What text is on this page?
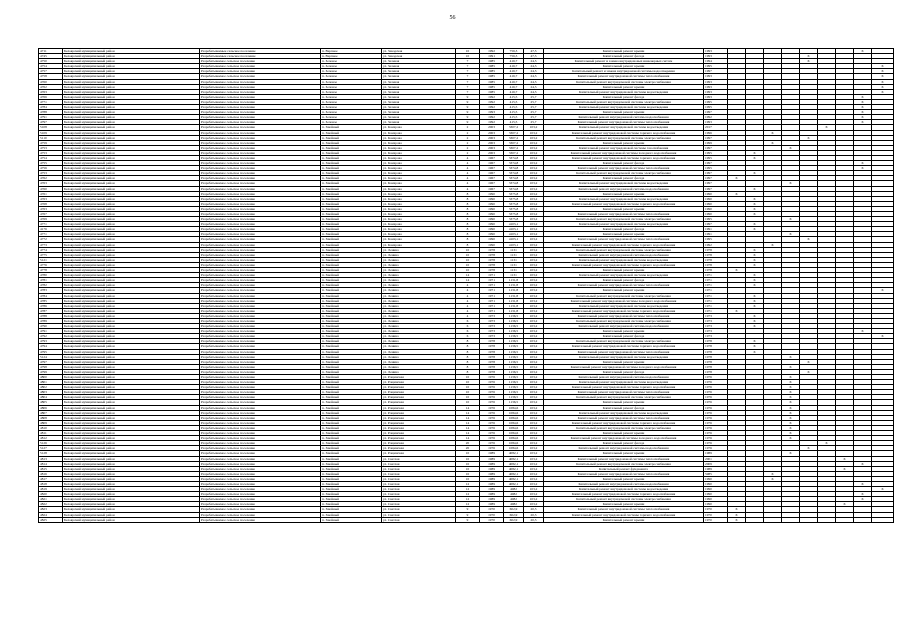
56
4711	Белоярский муниципальный район	Разрабатываемые сельское поселение	п. Верхнее	ул. Заводская	10	1992	756,3	47,3	Капитальный ремонт крыши	1993								X	
4745	Белоярский муниципальный район	Разрабатываемые сельское поселение	п. Верхнее	ул. Заводская	10	1991	756,3	47,3	Капитальный ремонт фасада	1993					X				
4750	Белоярский муниципальный район	Разрабатываемое сельское поселение	п. Зеленое	ул. Зеленая	7	1985	416,7	24,3	Капитальный ремонт и замена внутридомовых инженерных систем	1994					X				
4754	Белоярский муниципальный район	Разрабатываемое сельское поселение	п. Зеленое	ул. Зеленая	7	1985	416,7	24,3	Капитальный ремонт крыши	1995									X
4757	Белоярский муниципальный район	Разрабатываемое сельское поселение	п. Зеленое	ул. Зеленая	7	1985	416,7	24,3	Капитальный ремонт и замена внутридомовой системы водоотведения	1997									X
4758	Белоярский муниципальный район	Разрабатываемое сельское поселение	п. Зеленое	ул. Зеленая	7	1985	416,7	24,3	Капитальный ремонт внутридомовой системы теплоснабжения	1993									X
4760	Белоярский муниципальный район	Разрабатываемое сельское поселение	п. Зеленое	ул. Зеленая	7	1985	416,7	24,3	Капитальный ремонт внутридомовой системы электроснабжения	1993									X
4762	Белоярский муниципальный район	Разрабатываемое сельское поселение	п. Зеленое	ул. Зеленая	7	1985	416,7	24,3	Капитальный ремонт крыши	1993									X
4763	Белоярский муниципальный район	Разрабатываемое сельское поселение	п. Зеленое	ул. Зеленая	7	1985	416,7	24,3	Капитальный ремонт внутридомовой системы водоотведения	1993									X
4766	Белоярский муниципальный район	Разрабатываемое сельское поселение	п. Зеленое	ул. Зеленая	9	1992	415,5	25,7	Капитальный ремонт фасада	1993								X	
4771	Белоярский муниципальный район	Разрабатываемое сельское поселение	п. Зеленое	ул. Зеленая	9	1992	415,5	25,7	Капитальный ремонт внутридомовой системы электроснабжения	1995								X	
4784	Белоярский муниципальный район	Разрабатываемое сельское поселение	п. Зеленое	ул. Зеленая	9	1992	415,5	25,7	Капитальный ремонт внутридомовой системы водоотведения	1995								X	
4788	Белоярский муниципальный район	Разрабатываемое сельское поселение	п. Зеленое	ул. Зеленая	9	1993	415,5	25,7	Капитальный ремонт крыши	1997								X	
4791	Белоярский муниципальный район	Разрабатываемое сельское поселение	п. Зеленое	ул. Зеленая	9	1992	415,5	25,7	Капитальный ремонт внутридомовой системы водоснабжения	1992								X	
4797	Белоярский муниципальный район	Разрабатываемое сельское поселение	п. Зеленое	ул. Зеленая	9	1992	415,5	25,7	Капитальный ремонт внутридомовой системы теплоснабжения	1993								X	
5108	Белоярский муниципальный район	Разрабатываемое сельское поселение	п. Хвойный	ул. Комарова	2	2003	3307,2	103,2	Капитальный ремонт внутридомовой системы водоотведения	2017						X			
5109	Белоярский муниципальный район	Разрабатываемое сельское поселение	п. Хвойный	ул. Комарова	2	2003	3307,2	103,2	Капитальный ремонт внутридомовой системы горячего водоснабжения	1996			X						
5110	Белоярский муниципальный район	Разрабатываемое сельское поселение	п. Хвойный	ул. Комарова	2	2003	3307,2	103,2	Капитальный ремонт внутридомовой системы электроснабжения	1997					X				
4759	Белоярский муниципальный район	Разрабатываемое сельское поселение	п. Хвойный	ул. Комарова	2	2003	3307,2	103,2	Капитальный ремонт крыши	1999			X						
4753	Белоярский муниципальный район	Разрабатываемое сельское поселение	п. Хвойный	ул. Комарова	2	2003	3307,2	103,2	Капитальный ремонт внутридомовой системы газоснабжения	1997				X					
4753	Белоярский муниципальный район	Разрабатываемое сельское поселение	п. Хвойный	ул. Комарова	2	2003	3307,2	103,2	Капитальный ремонт внутридомовой системы холодного водоснабжения	1995		X							
4754	Белоярский муниципальный район	Разрабатываемое сельское поселение	п. Хвойный	ул. Комарова	4	1967	3374,8	103,2	Капитальный ремонт внутридомовой системы горячего водоснабжения	1995		X							
4755	Белоярский муниципальный район	Разрабатываемое сельское поселение	п. Хвойный	ул. Комарова	4	1967	3374,8	103,2	Капитальный ремонт фасада	1997								X	
4756	Белоярский муниципальный район	Разрабатываемое сельское поселение	п. Хвойный	ул. Комарова	4	1967	3374,8	103,2	Капитальный ремонт внутридомовой системы теплоснабжения	1995								X	
4753	Белоярский муниципальный район	Разрабатываемое сельское поселение	п. Хвойный	ул. Комарова	4	1967	3374,8	103,2	Капитальный ремонт внутридомовой системы электроснабжения	1997		X							
4762	Белоярский муниципальный район	Разрабатываемое сельское поселение	п. Хвойный	ул. Комарова	4	1967	3374,8	103,2	Капитальный ремонт фасада	1997	X								
4763	Белоярский муниципальный район	Разрабатываемое сельское поселение	п. Хвойный	ул. Комарова	4	1967	3374,8	103,2	Капитальный ремонт внутридомовой системы водоотведения	1997				X					
4760	Белоярский муниципальный район	Разрабатываемое сельское поселение	п. Хвойный	ул. Комарова	4	1967	3374,8	103,2	Капитальный ремонт внутридомовой системы водоснабжения	1997		X							
4761	Белоярский муниципальный район	Разрабатываемое сельское поселение	п. Хвойный	ул. Комарова	8	1990	3375,8	103,2	Капитальный ремонт крыши	1990	X								
4763	Белоярский муниципальный район	Разрабатываемое сельское поселение	п. Хвойный	ул. Комарова	8	1990	3375,8	103,2	Капитальный ремонт внутридомовой системы водоотведения	1990		X							
4768	Белоярский муниципальный район	Разрабатываемое сельское поселение	п. Хвойный	ул. Комарова	8	1990	3375,8	103,2	Капитальный ремонт внутридомовой системы горячего водоснабжения	1990		X							
4763	Белоярский муниципальный район	Разрабатываемое сельское поселение	п. Хвойный	ул. Комарова	8	1990	3375,8	103,2	Капитальный ремонт крыши	1990		X							
4767	Белоярский муниципальный район	Разрабатываемое сельское поселение	п. Хвойный	ул. Комарова	8	1990	3375,8	103,2	Капитальный ремонт внутридомовой системы теплоснабжения	1990		X							
4769	Белоярский муниципальный район	Разрабатываемое сельское поселение	п. Хвойный	ул. Комарова	8	1990	3375,8	103,2	Капитальный ремонт внутридомовой системы электроснабжения	1995				X					
4771	Белоярский муниципальный район	Разрабатываемое сельское поселение	п. Хвойный	ул. Комарова	8	1990	4103,1	103,2	Капитальный ремонт внутридомовой системы водоотведения	1997		X							
4176	Белоярский муниципальный район	Разрабатываемое сельское поселение	п. Хвойный	ул. Комарова	8	1990	4103,1	103,2	Капитальный ремонт фасада	1991		X							
4771	Белоярский муниципальный район	Разрабатываемое сельское поселение	п. Хвойный	ул. Комарова	8	1990	4103,1	103,2	Капитальный ремонт крыши	1991				X					
4772	Белоярский муниципальный район	Разрабатываемое сельское поселение	п. Хвойный	ул. Комарова	8	1990	4103,1	103,2	Капитальный ремонт внутридомовой системы теплоснабжения	1995					X				
4773	Белоярский муниципальный район	Разрабатываемое сельское поселение	п. Хвойный	ул. Комарова	8	1990	4103,1	103,2	Капитальный ремонт внутридомовой системы горячего водоснабжения	1992			X						
4774	Белоярский муниципальный район	Разрабатываемое сельское поселение	п. Хвойный	ул. Ленина	10	1978	1131	103,2	Капитальный ремонт внутридомовой системы электроснабжения	1978		X							
4775	Белоярский муниципальный район	Разрабатываемое сельское поселение	п. Хвойный	ул. Ленина	10	1978	1131	103,2	Капитальный ремонт внутридомовой системы водоснабжения	1978		X							
5121	Белоярский муниципальный район	Разрабатываемое сельское поселение	п. Хвойный	ул. Ленина	10	1978	1131	103,2	Капитальный ремонт внутридомовой системы водоотведения	1978		X							
4776	Белоярский муниципальный район	Разрабатываемое сельское поселение	п. Хвойный	ул. Ленина	10	1978	1131	103,2	Капитальный ремонт внутридомовой системы горячего водоснабжения	1978		X							
4778	Белоярский муниципальный район	Разрабатываемое сельское поселение	п. Хвойный	ул. Ленина	10	1978	1131	103,2	Капитальный ремонт крыши	1978	X								
4780	Белоярский муниципальный район	Разрабатываемое сельское поселение	п. Хвойный	ул. Ленина	14	1971	1131	103,2	Капитальный ремонт внутридомовой системы водоотведения	1971		X							
4781	Белоярский муниципальный район	Разрабатываемое сельское поселение	п. Хвойный	ул. Ленина	14	1971	1131,8	103,2	Капитальный ремонт фасада	1971		X							
4782	Белоярский муниципальный район	Разрабатываемое сельское поселение	п. Хвойный	ул. Ленина	4	1971	1131,8	103,2	Капитальный ремонт внутридомовой системы теплоснабжения	1971		X							
4783	Белоярский муниципальный район	Разрабатываемое сельское поселение	п. Хвойный	ул. Ленина	4	1971	1131,8	103,2	Капитальный ремонт крыши	1971									X
4784	Белоярский муниципальный район	Разрабатываемое сельское поселение	п. Хвойный	ул. Ленина	4	1971	1131,8	103,2	Капитальный ремонт внутридомовой системы электроснабжения	1971		X							
4785	Белоярский муниципальный район	Разрабатываемое сельское поселение	п. Хвойный	ул. Ленина	4	1971	1131,8	103,2	Капитальный ремонт внутридомовой системы холодного водоснабжения	1971		X							
4786	Белоярский муниципальный район	Разрабатываемое сельское поселение	п. Хвойный	ул. Ленина	4	1971	1131,8	103,2	Капитальный ремонт внутридомовой системы водоотведения	1971		X							
4787	Белоярский муниципальный район	Разрабатываемое сельское поселение	п. Хвойный	ул. Ленина	4	1971	1131,8	103,2	Капитальный ремонт внутридомовой системы горячего водоснабжения	1971	X								
4788	Белоярский муниципальный район	Разрабатываемое сельское поселение	п. Хвойный	ул. Ленина	4	1973	1136,5	103,2	Капитальный ремонт внутридомовой системы теплоснабжения	1973		X							
4789	Белоярский муниципальный район	Разрабатываемое сельское поселение	п. Хвойный	ул. Ленина	6	1973	1136,5	103,2	Капитальный ремонт внутридомовой системы электроснабжения	1973		X							
4790	Белоярский муниципальный район	Разрабатываемое сельское поселение	п. Хвойный	ул. Ленина	6	1973	1136,5	103,2	Капитальный ремонт внутридомовой системы водоснабжения	1973		X							
4791	Белоярский муниципальный район	Разрабатываемое сельское поселение	п. Хвойный	ул. Ленина	6	1973	1136,5	103,2	Капитальный ремонт крыши	1973								X	
4792	Белоярский муниципальный район	Разрабатываемое сельское поселение	п. Хвойный	ул. Ленина	6	1973	1136,5	103,2	Капитальный ремонт фасада	1973									X
4793	Белоярский муниципальный район	Разрабатываемое сельское поселение	п. Хвойный	ул. Ленина	8	1978	1136,5	103,2	Капитальный ремонт внутридомовой системы электроснабжения	1978		X							
4794	Белоярский муниципальный район	Разрабатываемое сельское поселение	п. Хвойный	ул. Ленина	8	1978	1136,5	103,2	Капитальный ремонт внутридомовой системы горячего водоснабжения	1978		X							
4795	Белоярский муниципальный район	Разрабатываемое сельское поселение	п. Хвойный	ул. Ленина	8	1978	1136,5	103,2	Капитальный ремонт внутридомовой системы теплоснабжения	1978		X							
5124	Белоярский муниципальный район	Разрабатываемое сельское поселение	п. Хвойный	ул. Ленина	8	1978	1136,5	103,2	Капитальный ремонт внутридомовой системы водоотведения	1978				X					
4797	Белоярский муниципальный район	Разрабатываемое сельское поселение	п. Хвойный	ул. Ленина	8	1978	1136,5	103,2	Капитальный ремонт крыши	1978					X				
4798	Белоярский муниципальный район	Разрабатываемое сельское поселение	п. Хвойный	ул. Ленина	8	1978	1136,5	103,2	Капитальный ремонт внутридомовой системы холодного водоснабжения	1978				X					
4799	Белоярский муниципальный район	Разрабатываемое сельское поселение	п. Хвойный	ул. Ленина	8	1978	1136,5	103,2	Капитальный ремонт фасада	1978					X				
4800	Белоярский муниципальный район	Разрабатываемое сельское поселение	п. Хвойный	ул. Рощинская	10	1976	1136,5	103,2	Капитальный ремонт внутридомовой системы водоснабжения	1976				X					
4801	Белоярский муниципальный район	Разрабатываемое сельское поселение	п. Хвойный	ул. Рощинская	10	1976	1136,5	103,2	Капитальный ремонт внутридомовой системы водоотведения	1976				X					
4802	Белоярский муниципальный район	Разрабатываемое сельское поселение	п. Хвойный	ул. Рощинская	10	1976	1136,5	103,2	Капитальный ремонт внутридомовой системы горячего водоснабжения	1976				X					
4803	Белоярский муниципальный район	Разрабатываемое сельское поселение	п. Хвойный	ул. Рощинская	10	1976	1136,5	103,2	Капитальный ремонт внутридомовой системы теплоснабжения	1976				X					
4804	Белоярский муниципальный район	Разрабатываемое сельское поселение	п. Хвойный	ул. Рощинская	10	1976	1136,5	103,2	Капитальный ремонт внутридомовой системы электроснабжения	1976				X					
4805	Белоярский муниципальный район	Разрабатываемое сельское поселение	п. Хвойный	ул. Рощинская	10	1976	1136,5	103,2	Капитальный ремонт крыши	1976				X					
4806	Белоярский муниципальный район	Разрабатываемое сельское поселение	п. Хвойный	ул. Рощинская	14	1976	1084,6	103,2	Капитальный ремонт фасада	1976				X					
4807	Белоярский муниципальный район	Разрабатываемое сельское поселение	п. Хвойный	ул. Рощинская	14	1976	1084,6	103,2	Капитальный ремонт внутридомовой системы водоотведения	1976				X					
4808	Белоярский муниципальный район	Разрабатываемое сельское поселение	п. Хвойный	ул. Рощинская	14	1976	1084,6	103,2	Капитальный ремонт внутридомовой системы теплоснабжения	1976				X					
4809	Белоярский муниципальный район	Разрабатываемое сельское поселение	п. Хвойный	ул. Рощинская	14	1976	1084,6	103,2	Капитальный ремонт внутридомовой системы горячего водоснабжения	1976				X					
4810	Белоярский муниципальный район	Разрабатываемое сельское поселение	п. Хвойный	ул. Рощинская	14	1976	1084,6	103,2	Капитальный ремонт внутридомовой системы электроснабжения	1976				X					
4811	Белоярский муниципальный район	Разрабатываемое сельское поселение	п. Хвойный	ул. Рощинская	14	1976	1084,6	103,2	Капитальный ремонт крыши	1976				X					
4812	Белоярский муниципальный район	Разрабатываемое сельское поселение	п. Хвойный	ул. Рощинская	14	1976	1084,6	103,2	Капитальный ремонт внутридомовой системы холодного водоснабжения	1976				X					
5126	Белоярский муниципальный район	Разрабатываемое сельское поселение	п. Хвойный	ул. Рощинская	20	1976	1084,6	103,2	Капитальный ремонт фасада	1976						X			
5127	Белоярский муниципальный район	Разрабатываемое сельское поселение	п. Хвойный	ул. Рощинская	20	1976	1084,6	103,2	Капитальный ремонт внутридомовой системы водоснабжения	1976					X				
5128	Белоярский муниципальный район	Разрабатываемое сельское поселение	п. Хвойный	ул. Рощинская	10	1989	4082,1	103,2	Капитальный ремонт крыши	1989				X					
4813	Белоярский муниципальный район	Разрабатываемое сельское поселение	п. Хвойный	ул. Светлая	10	1989	4082,1	103,2	Капитальный ремонт внутридомовой системы теплоснабжения	2001							X		
4814	Белоярский муниципальный район	Разрабатываемое сельское поселение	п. Хвойный	ул. Светлая	10	1989	4082,1	103,2	Капитальный ремонт внутридомовой системы электроснабжения	2009								X	
4815	Белоярский муниципальный район	Разрабатываемое сельское поселение	п. Хвойный	ул. Светлая	10	1989	4082,1	103,2	Капитальный ремонт фундамента	1989							X		
4816	Белоярский муниципальный район	Разрабатываемое сельское поселение	п. Хвойный	ул. Светлая	10	1989	4082,1	103,2	Капитальный ремонт внутридомовой системы теплоснабжения	5985			X						
4817	Белоярский муниципальный район	Разрабатываемое сельское поселение	п. Хвойный	ул. Светлая	10	1989	4082,1	103,2	Капитальный ремонт крыши	1990			X						
4818	Белоярский муниципальный район	Разрабатываемое сельское поселение	п. Хвойный	ул. Светлая	12	1989	4082,1	103,2	Капитальный ремонт внутридомовой системы водоснабжения	1990								X	
4819	Белоярский муниципальный район	Разрабатываемое сельское поселение	п. Хвойный	ул. Светлая	12	1989	4082	103,2	Капитальный ремонт внутридомовой системы водоотведения	1990									X
4820	Белоярский муниципальный район	Разрабатываемое сельское поселение	п. Хвойный	ул. Светлая	12	1989	4082	103,2	Капитальный ремонт внутридомовой системы горячего водоснабжения	1990								X	
4821	Белоярский муниципальный район	Разрабатываемое сельское поселение	п. Хвойный	ул. Светлая	12	1989	4082	103,2	Капитальный ремонт внутридомовой системы электроснабжения	1990								X	
4822	Белоярский муниципальный район	Разрабатываемое сельское поселение	п. Хвойный	ул. Светлая	12	1989	4082	103,2	Капитальный ремонт крыши	1990							X		
4823	Белоярский муниципальный район	Разрабатываемое сельское поселение	п. Хвойный	ул. Светлая	9	1970	602,9	20,3	Капитальный ремонт внутридомовой системы теплоснабжения	1970	X								
4824	Белоярский муниципальный район	Разрабатываемое сельское поселение	п. Хвойный	ул. Светлая	9	1970	602,9	20,3	Капитальный ремонт внутридомовой системы горячего водоснабжения	1970	X								
4825	Белоярский муниципальный район	Разрабатываемое сельское поселение	п. Хвойный	ул. Светлая	9	1970	602,9	20,3	Капитальный ремонт крыши	1970	X								
